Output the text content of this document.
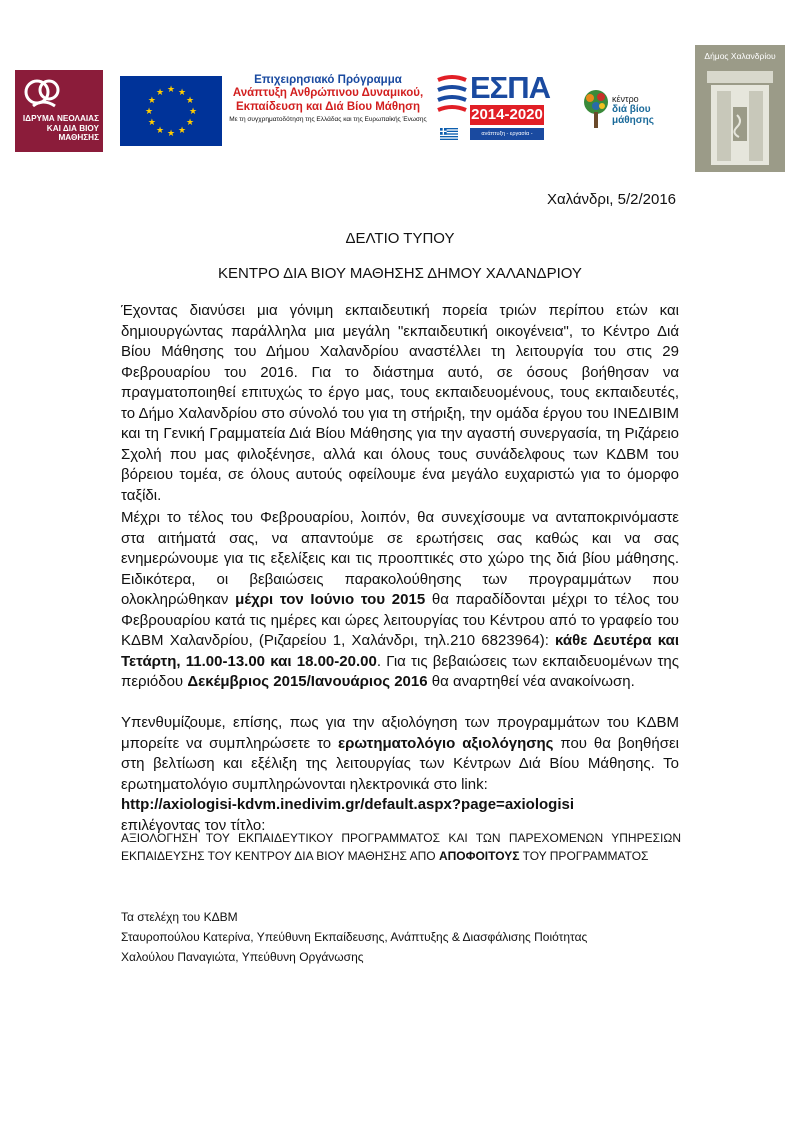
ΙΔΡΥΜΑ ΝΕΟΛΑΙΑΣ ΚΑΙ ΔΙΑ ΒΙΟΥ ΜΑΘΗΣΗΣ
★ ★
★
★
★
★
★
★
★
★
★
★
Επιχειρησιακό Πρόγραμμα
Ανάπτυξη Ανθρώπινου Δυναμικού,
Εκπαίδευση και Διά Βίου Μάθηση
Με τη συγχρηματοδότηση της Ελλάδας και της Ευρωπαϊκής Ένωσης
ΕΣΠΑ
2014-2020
ανάπτυξη - εργασία - αλληλεγγύη
κέντρο
διά βίου
μάθησης
Δήμος Χαλανδρίου
Χαλάνδρι, 5/2/2016
ΔΕΛΤΙΟ ΤΥΠΟΥ
ΚΕΝΤΡΟ ΔΙΑ ΒΙΟΥ ΜΑΘΗΣΗΣ ΔΗΜΟΥ ΧΑΛΑΝΔΡΙΟΥ

Έχοντας διανύσει μια γόνιμη εκπαιδευτική πορεία τριών περίπου ετών και δημιουργώντας παράλληλα μια μεγάλη "εκπαιδευτική οικογένεια", το Κέντρο Διά Βίου Μάθησης του Δήμου Χαλανδρίου αναστέλλει τη λειτουργία του στις 29 Φεβρουαρίου του 2016. Για το διάστημα αυτό, σε όσους βοήθησαν να πραγματοποιηθεί επιτυχώς το έργο μας, τους εκπαιδευομένους, τους εκπαιδευτές, το Δήμο Χαλανδρίου στο σύνολό του για τη στήριξη, την ομάδα έργου του ΙΝΕΔΙΒΙΜ και τη Γενική Γραμματεία Διά Βίου Μάθησης για την αγαστή συνεργασία, τη Ριζάρειο Σχολή που μας φιλοξένησε, αλλά και όλους τους συνάδελφους των ΚΔΒΜ του βόρειου τομέα, σε όλους αυτούς οφείλουμε ένα μεγάλο ευχαριστώ για το όμορφο ταξίδι.

Μέχρι το τέλος του Φεβρουαρίου, λοιπόν, θα συνεχίσουμε να ανταποκρινόμαστε στα αιτήματά σας, να απαντούμε σε ερωτήσεις σας καθώς και να σας ενημερώνουμε για τις εξελίξεις και τις προοπτικές στο χώρο της διά βίου μάθησης. Ειδικότερα, οι βεβαιώσεις παρακολούθησης των προγραμμάτων που ολοκληρώθηκαν μέχρι τον Ιούνιο του 2015 θα παραδίδονται μέχρι το τέλος του Φεβρουαρίου κατά τις ημέρες και ώρες λειτουργίας του Κέντρου από το γραφείο του ΚΔΒΜ Χαλανδρίου, (Ριζαρείου 1, Χαλάνδρι, τηλ.210 6823964): κάθε Δευτέρα και Τετάρτη, 11.00-13.00 και 18.00-20.00. Για τις βεβαιώσεις των εκπαιδευομένων της περιόδου Δεκέμβριος 2015/Ιανουάριος 2016 θα αναρτηθεί νέα ανακοίνωση.

Υπενθυμίζουμε, επίσης, πως για την αξιολόγηση των προγραμμάτων του ΚΔΒΜ μπορείτε να συμπληρώσετε το ερωτηματολόγιο αξιολόγησης που θα βοηθήσει στη βελτίωση και εξέλιξη της λειτουργίας των Κέντρων Διά Βίου Μάθησης. Το ερωτηματολόγιο συμπληρώνονται ηλεκτρονικά στο link:
http://axiologisi-kdvm.inedivim.gr/default.aspx?page=axiologisi
επιλέγοντας τον τίτλο:

ΑΞΙΟΛΟΓΗΣΗ ΤΟΥ ΕΚΠΑΙΔΕΥΤΙΚΟΥ ΠΡΟΓΡΑΜΜΑΤΟΣ ΚΑΙ ΤΩΝ ΠΑΡΕΧΟΜΕΝΩΝ ΥΠΗΡΕΣΙΩΝ ΕΚΠΑΙΔΕΥΣΗΣ ΤΟΥ ΚΕΝΤΡΟΥ ΔΙΑ ΒΙΟΥ ΜΑΘΗΣΗΣ ΑΠΟ ΑΠΟΦΟΙΤΟΥΣ ΤΟΥ ΠΡΟΓΡΑΜΜΑΤΟΣ

Τα στελέχη του ΚΔΒΜ
Σταυροπούλου Κατερίνα, Υπεύθυνη Εκπαίδευσης, Ανάπτυξης & Διασφάλισης Ποιότητας
Χαλούλου Παναγιώτα, Υπεύθυνη Οργάνωσης
